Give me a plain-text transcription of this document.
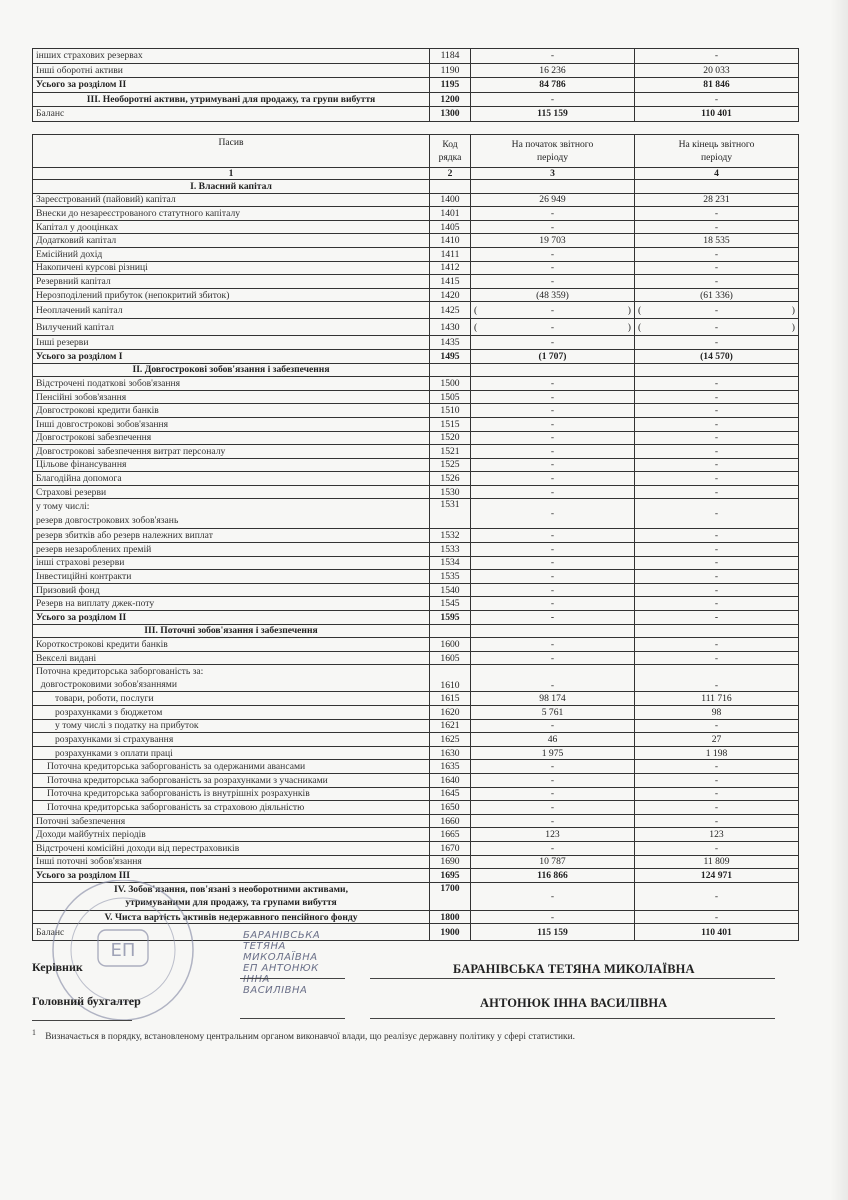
інших страхових резервах	1184	-	-
Інші оборотні активи	1190	16 236	20 033
Усього за розділом II	1195	84 786	81 846
III. Необоротні активи, утримувані для продажу, та групи вибуття	1200	-	-
Баланс	1300	115 159	110 401
Пасив	Код рядка	На початок звітного періоду	На кінець звітного періоду
1	2	3	4
I. Власний капітал			
Зареєстрований (пайовий) капітал	1400	26 949	28 231
Внески до незареєстрованого статутного капіталу	1401	-	-
Капітал у дооцінках	1405	-	-
Додатковий капітал	1410	19 703	18 535
Емісійний дохід	1411	-	-
Накопичені курсові різниці	1412	-	-
Резервний капітал	1415	-	-
Нерозподілений прибуток (непокритий збиток)	1420	(48 359)	(61 336)
Неоплачений капітал	1425	( - )	( - )

Вилучений капітал	1430	( - )	( - )

Інші резерви	1435	-	-
Усього за розділом I	1495	(1 707)	(14 570)
II. Довгострокові зобов'язання і забезпечення			
Відстрочені податкові зобов'язання	1500	-	-
Пенсійні зобов'язання	1505	-	-
Довгострокові кредити банків	1510	-	-
Інші довгострокові зобов'язання	1515	-	-
Довгострокові забезпечення	1520	-	-
Довгострокові забезпечення витрат персоналу	1521	-	-
Цільове фінансування	1525	-	-
Благодійна допомога	1526	-	-
Страхові резерви	1530	-	-
у тому числі:
резерв довгострокових зобов'язань	1531	-	-
резерв збитків або резерв належних виплат	1532	-	-
резерв незароблених премій	1533	-	-
інші страхові резерви	1534	-	-
Інвестиційні контракти	1535	-	-
Призовий фонд	1540	-	-
Резерв на виплату джек-поту	1545	-	-
Усього за розділом II	1595	-	-
III. Поточні зобов'язання і забезпечення			
Короткострокові кредити банків	1600	-	-
Векселі видані	1605	-	-
Поточна кредиторська заборгованість за:
довгостроковими зобов'язаннями	1610	-	-
товари, роботи, послуги	1615	98 174	111 716
розрахунками з бюджетом	1620	5 761	98
у тому числі з податку на прибуток	1621	-	-
розрахунками зі страхування	1625	46	27
розрахунками з оплати праці	1630	1 975	1 198
Поточна кредиторська заборгованість за одержаними авансами	1635	-	-
Поточна кредиторська заборгованість за розрахунками з учасниками	1640	-	-
Поточна кредиторська заборгованість із внутрішніх розрахунків	1645	-	-
Поточна кредиторська заборгованість за страховою діяльністю	1650	-	-
Поточні забезпечення	1660	-	-
Доходи майбутніх періодів	1665	123	123
Відстрочені комісійні доходи від перестраховиків	1670	-	-
Інші поточні зобов'язання	1690	10 787	11 809
Усього за розділом III	1695	116 866	124 971
IV. Зобов'язання, пов'язані з необоротними активами,
утримуваними для продажу, та групами вибуття	1700	-	-
V. Чиста вартість активів недержавного пенсійного фонду	1800	-	-
Баланс	1900	115 159	110 401
ЕП
Керівник
Головний бухгалтер
БАРАНІВСЬКА
ТЕТЯНА
МИКОЛАЇВНА
ЕП АНТОНЮК
ІННА
ВАСИЛІВНА
БАРАНІВСЬКА ТЕТЯНА МИКОЛАЇВНА
АНТОНЮК ІННА ВАСИЛІВНА
$^1$ Визначається в порядку, встановленому центральним органом виконавчої влади, що реалізує державну політику у сфері статистики.
